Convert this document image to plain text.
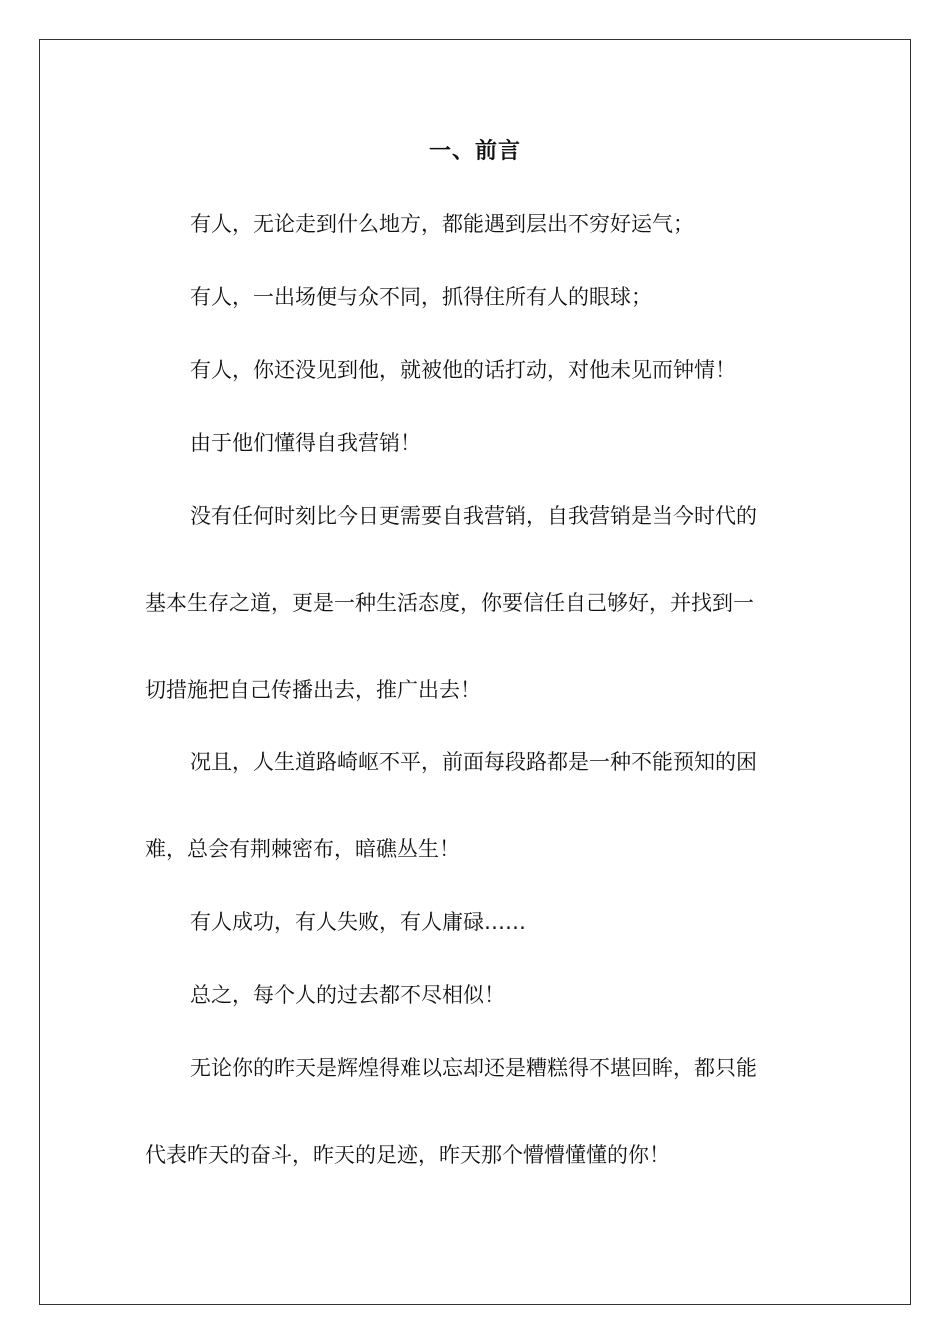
一、前言
有人，无论走到什么地方，都能遇到层出不穷好运气；
有人，一出场便与众不同，抓得住所有人的眼球；
有人，你还没见到他，就被他的话打动，对他未见而钟情！
由于他们懂得自我营销！
没有任何时刻比今日更需要自我营销，自我营销是当今时代的
基本生存之道，更是一种生活态度，你要信任自己够好，并找到一
切措施把自己传播出去，推广出去！
况且，人生道路崎岖不平，前面每段路都是一种不能预知的困
难，总会有荆棘密布，暗礁丛生！
有人成功，有人失败，有人庸碌……
总之，每个人的过去都不尽相似！
无论你的昨天是辉煌得难以忘却还是糟糕得不堪回眸，都只能
代表昨天的奋斗，昨天的足迹，昨天那个懵懵懂懂的你！
